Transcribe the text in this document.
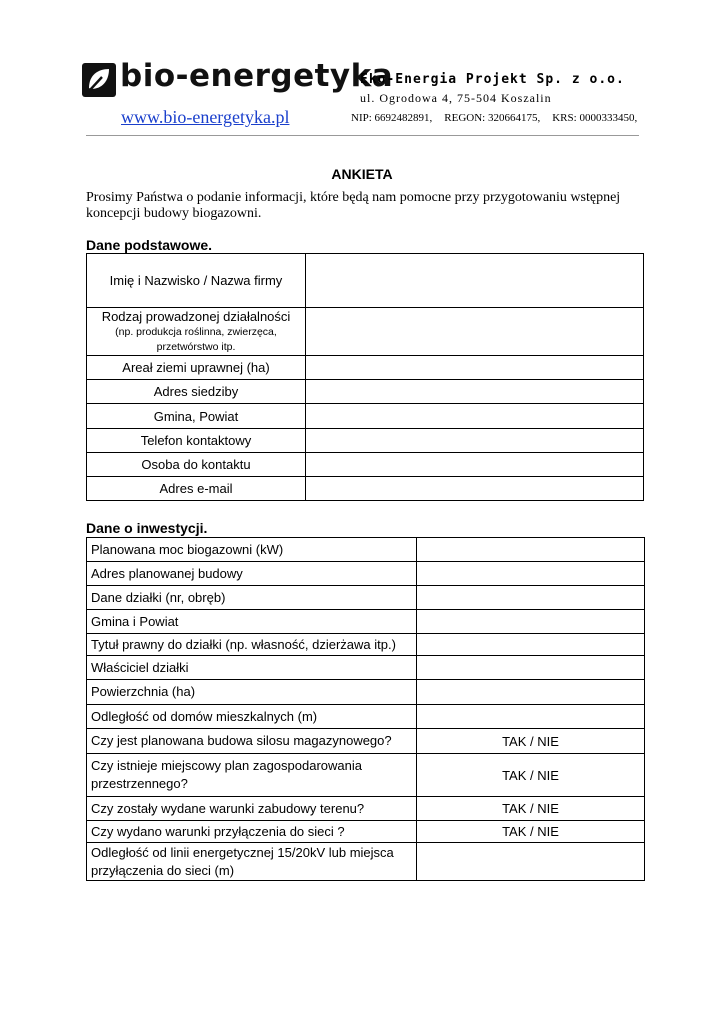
bio-energetyka
www.bio-energetyka.pl
Eko-Energia Projekt Sp. z o.o.
ul. Ogrodowa 4, 75-504 Koszalin
NIP: 6692482891, REGON: 320664175, KRS: 0000333450,
ANKIETA
Prosimy Państwa o podanie informacji, które będą nam pomocne przy przygotowaniu wstępnej koncepcji budowy biogazowni.
Dane podstawowe.
Imię i Nazwisko / Nazwa firmy	
Rodzaj prowadzonej działalności
(np. produkcja roślinna, zwierzęca, przetwórstwo itp.	

Areał ziemi uprawnej (ha)	
Adres siedziby	
Gmina, Powiat	
Telefon kontaktowy	
Osoba do kontaktu	
Adres e-mail	
Dane o inwestycji.
Planowana moc biogazowni (kW)	
Adres planowanej budowy	
Dane działki (nr, obręb)	
Gmina i Powiat	
Tytuł prawny do działki (np. własność, dzierżawa itp.)	
Właściciel działki	
Powierzchnia (ha)	
Odległość od domów mieszkalnych (m)	
Czy jest planowana budowa silosu magazynowego?	TAK / NIE
Czy istnieje miejscowy plan zagospodarowania przestrzennego?	TAK / NIE
Czy zostały wydane warunki zabudowy terenu?	TAK / NIE
Czy wydano warunki przyłączenia do sieci ?	TAK / NIE
Odległość od linii energetycznej 15/20kV lub miejsca przyłączenia do sieci (m)	
